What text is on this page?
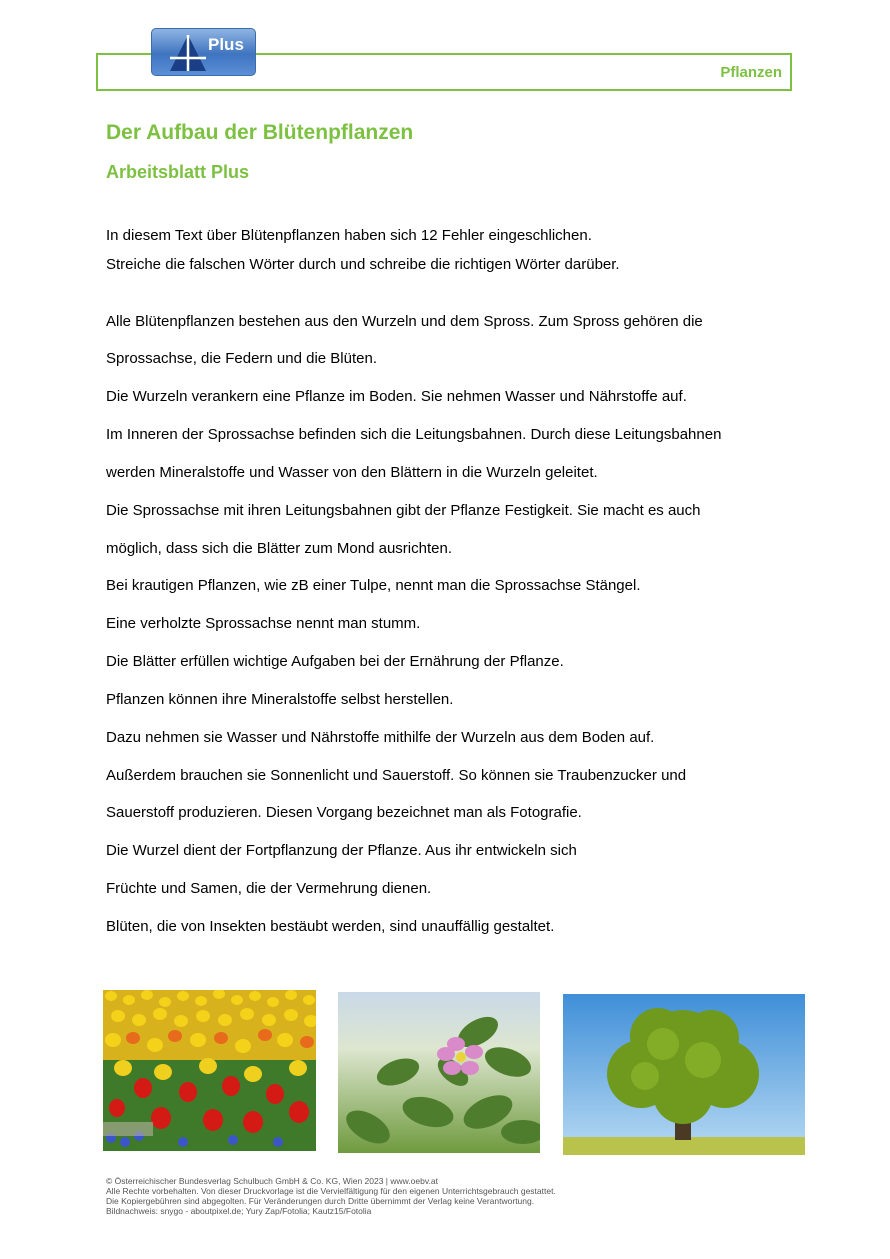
Pflanzen
Plus
Der Aufbau der Blütenpflanzen
Arbeitsblatt Plus

In diesem Text über Blütenpflanzen haben sich 12 Fehler eingeschlichen.

Streiche die falschen Wörter durch und schreibe die richtigen Wörter darüber.

Alle Blütenpflanzen bestehen aus den Wurzeln und dem Spross. Zum Spross gehören die

Sprossachse, die Federn und die Blüten.

Die Wurzeln verankern eine Pflanze im Boden. Sie nehmen Wasser und Nährstoffe auf.

Im Inneren der Sprossachse befinden sich die Leitungsbahnen. Durch diese Leitungsbahnen

werden Mineralstoffe und Wasser von den Blättern in die Wurzeln geleitet.

Die Sprossachse mit ihren Leitungsbahnen gibt der Pflanze Festigkeit. Sie macht es auch

möglich, dass sich die Blätter zum Mond ausrichten.

Bei krautigen Pflanzen, wie zB einer Tulpe, nennt man die Sprossachse Stängel.

Eine verholzte Sprossachse nennt man stumm.

Die Blätter erfüllen wichtige Aufgaben bei der Ernährung der Pflanze.

Pflanzen können ihre Mineralstoffe selbst herstellen.

Dazu nehmen sie Wasser und Nährstoffe mithilfe der Wurzeln aus dem Boden auf.

Außerdem brauchen sie Sonnenlicht und Sauerstoff. So können sie Traubenzucker und

Sauerstoff produzieren. Diesen Vorgang bezeichnet man als Fotografie.

Die Wurzel dient der Fortpflanzung der Pflanze. Aus ihr entwickeln sich

Früchte und Samen, die der Vermehrung dienen.

Blüten, die von Insekten bestäubt werden, sind unauffällig gestaltet.

© Österreichischer Bundesverlag Schulbuch GmbH & Co. KG, Wien 2023 | www.oebv.at
Alle Rechte vorbehalten. Von dieser Druckvorlage ist die Vervielfältigung für den eigenen Unterrichtsgebrauch gestattet.
Die Kopiergebühren sind abgegolten. Für Veränderungen durch Dritte übernimmt der Verlag keine Verantwortung.
Bildnachweis: snygo - aboutpixel.de; Yury Zap/Fotolia; Kautz15/Fotolia
